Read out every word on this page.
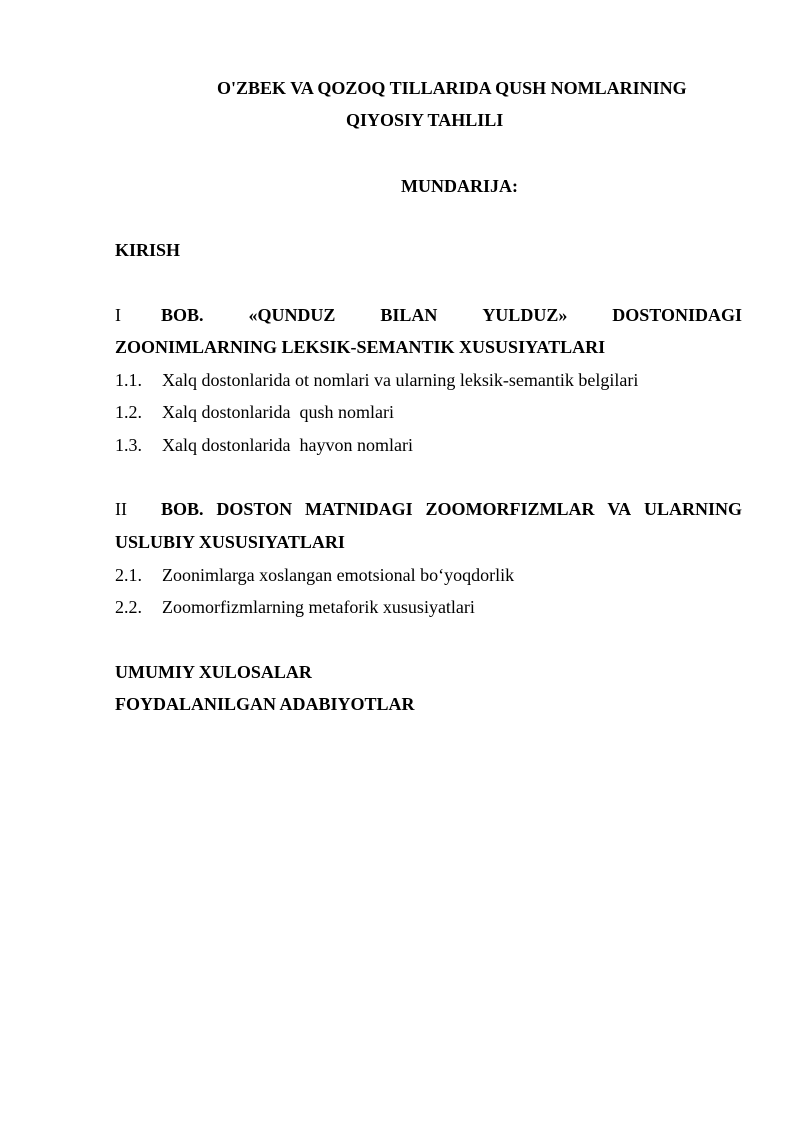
O'ZBEK VA QOZOQ TILLARIDA QUSH NOMLARINING
QIYOSIY TAHLILI
MUNDARIJA:
KIRISH
I	BOB. «QUNDUZ BILAN YULDUZ» DOSTONIDAGI
ZOONIMLARNING LEKSIK-SEMANTIK XUSUSIYATLARI
1.1. Xalq dostonlarida ot nomlari va ularning leksik-semantik belgilari
1.2. Xalq dostonlarida  qush nomlari
1.3. Xalq dostonlarida  hayvon nomlari
II	BOB. DOSTON MATNIDAGI ZOOMORFIZMLAR VA ULARNING
USLUBIY XUSUSIYATLARI
2.1. Zoonimlarga xoslangan emotsional bo‘yoqdorlik
2.2. Zoomorfizmlarning metaforik xususiyatlari
UMUMIY XULOSALAR
FOYDALANILGAN ADABIYOTLAR
